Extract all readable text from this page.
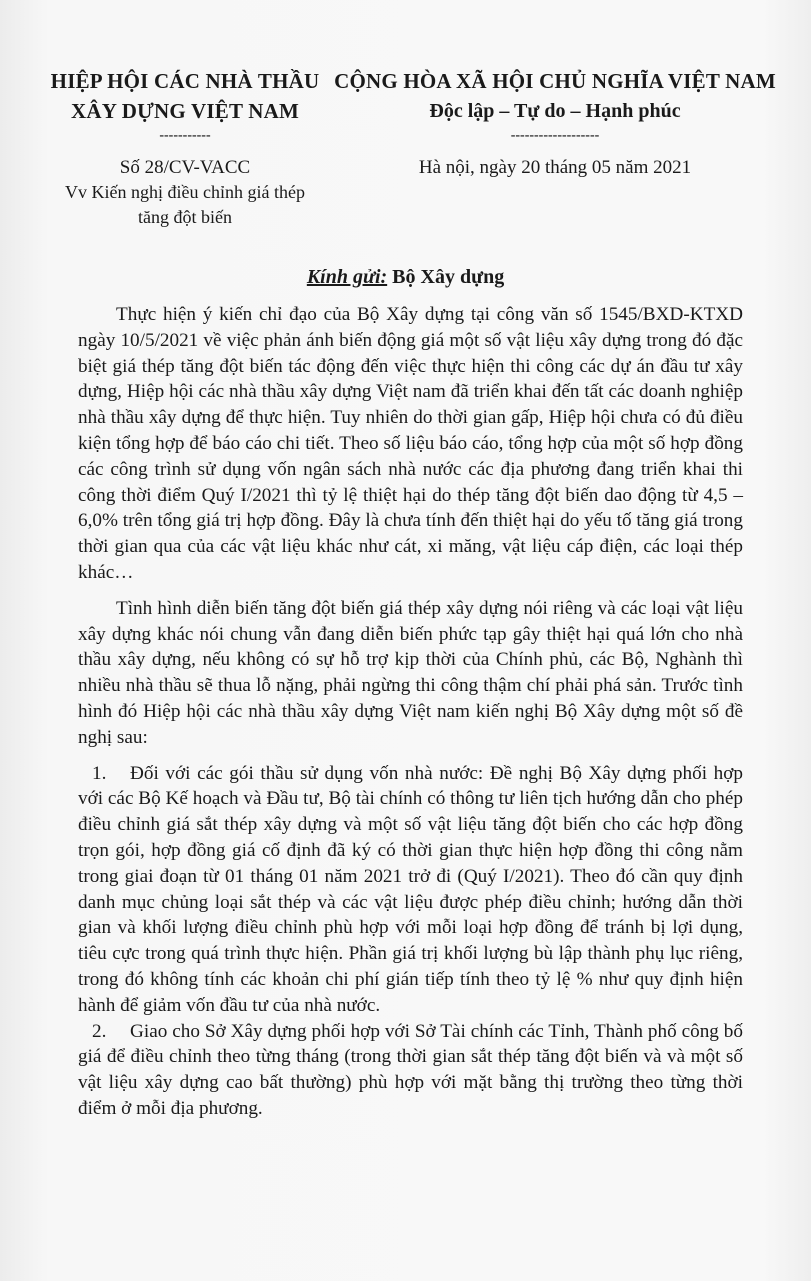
HIỆP HỘI CÁC NHÀ THẦU
XÂY DỰNG VIỆT NAM
-----------
Số 28/CV-VACC
Vv Kiến nghị điều chỉnh giá thép
tăng đột biến
CỘNG HÒA XÃ HỘI CHỦ NGHĨA VIỆT NAM
Độc lập – Tự do – Hạnh phúc
-------------------
Hà nội, ngày 20 tháng 05 năm 2021
Kính gửi: Bộ Xây dựng

Thực hiện ý kiến chỉ đạo của Bộ Xây dựng tại công văn số 1545/BXD-KTXD ngày 10/5/2021 về việc phản ánh biến động giá một số vật liệu xây dựng trong đó đặc biệt giá thép tăng đột biến tác động đến việc thực hiện thi công các dự án đầu tư xây dựng, Hiệp hội các nhà thầu xây dựng Việt nam đã triển khai đến tất các doanh nghiệp nhà thầu xây dựng để thực hiện. Tuy nhiên do thời gian gấp, Hiệp hội chưa có đủ điều kiện tổng hợp để báo cáo chi tiết. Theo số liệu báo cáo, tổng hợp của một số hợp đồng các công trình sử dụng vốn ngân sách nhà nước các địa phương đang triển khai thi công thời điểm Quý I/2021 thì tỷ lệ thiệt hại do thép tăng đột biến dao động từ 4,5 – 6,0% trên tổng giá trị hợp đồng. Đây là chưa tính đến thiệt hại do yếu tố tăng giá trong thời gian qua của các vật liệu khác như cát, xi măng, vật liệu cáp điện, các loại thép khác…

Tình hình diễn biến tăng đột biến giá thép xây dựng nói riêng và các loại vật liệu xây dựng khác nói chung vẫn đang diễn biến phức tạp gây thiệt hại quá lớn cho nhà thầu xây dựng, nếu không có sự hỗ trợ kịp thời của Chính phủ, các Bộ, Nghành thì nhiều nhà thầu sẽ thua lỗ nặng, phải ngừng thi công thậm chí phải phá sản. Trước tình hình đó Hiệp hội các nhà thầu xây dựng Việt nam kiến nghị Bộ Xây dựng một số đề nghị sau:

1. Đối với các gói thầu sử dụng vốn nhà nước: Đề nghị Bộ Xây dựng phối hợp với các Bộ Kế hoạch và Đầu tư, Bộ tài chính có thông tư liên tịch hướng dẫn cho phép điều chỉnh giá sắt thép xây dựng và một số vật liệu tăng đột biến cho các hợp đồng trọn gói, hợp đồng giá cố định đã ký có thời gian thực hiện hợp đồng thi công nằm trong giai đoạn từ 01 tháng 01 năm 2021 trở đi (Quý I/2021). Theo đó cần quy định danh mục chủng loại sắt thép và các vật liệu được phép điều chỉnh; hướng dẫn thời gian và khối lượng điều chỉnh phù hợp với mỗi loại hợp đồng để tránh bị lợi dụng, tiêu cực trong quá trình thực hiện. Phần giá trị khối lượng bù lập thành phụ lục riêng, trong đó không tính các khoản chi phí gián tiếp tính theo tỷ lệ % như quy định hiện hành để giảm vốn đầu tư của nhà nước.

2. Giao cho Sở Xây dựng phối hợp với Sở Tài chính các Tỉnh, Thành phố công bố giá để điều chỉnh theo từng tháng (trong thời gian sắt thép tăng đột biến và và một số vật liệu xây dựng cao bất thường) phù hợp với mặt bằng thị trường theo từng thời điểm ở mỗi địa phương.
